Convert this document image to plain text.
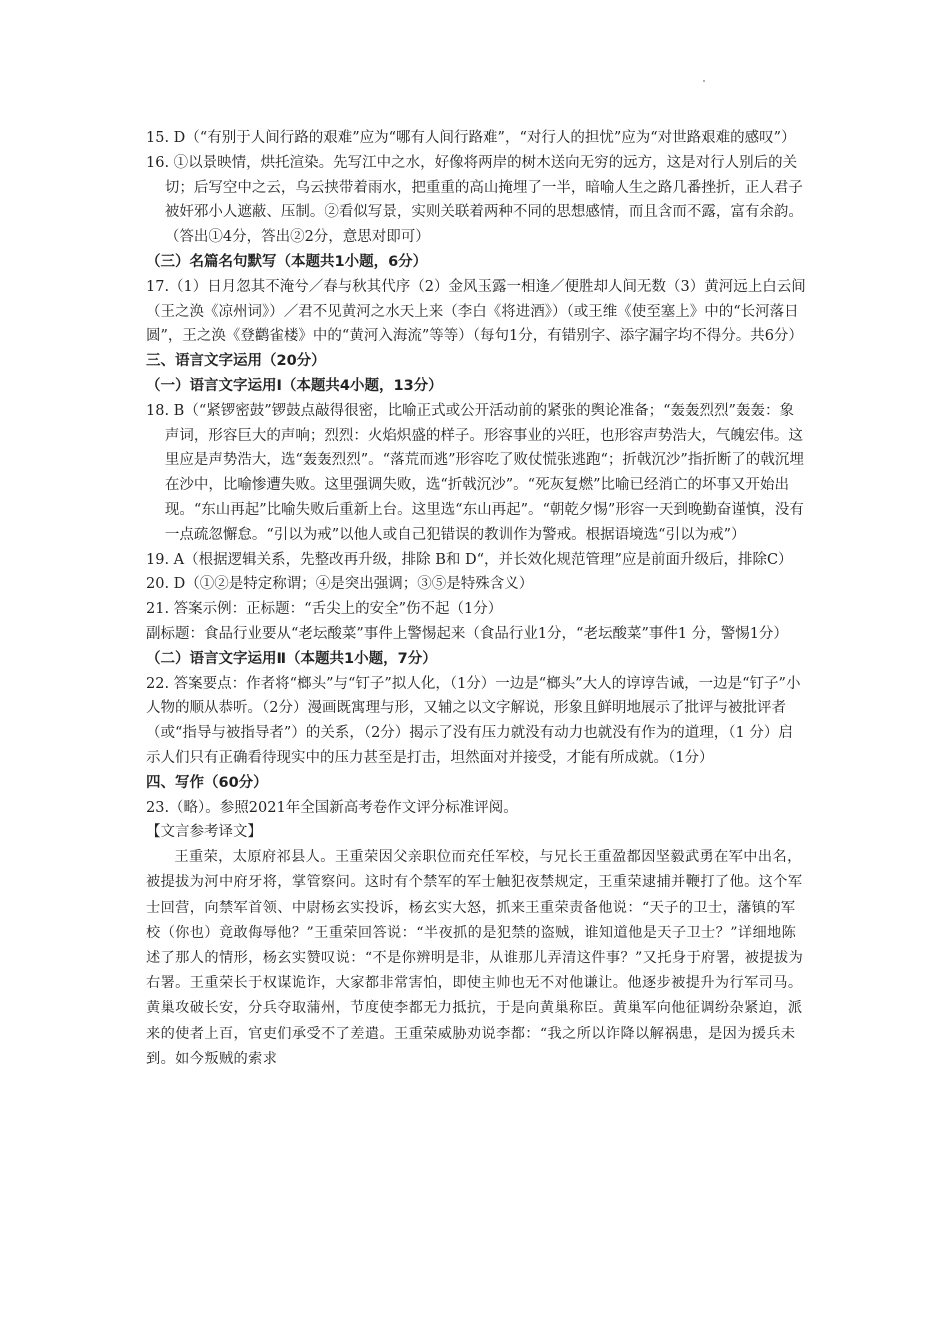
15. D（“有别于人间行路的艰难”应为“哪有人间行路难”，“对行人的担忧”应为“对世路艰难的感叹”）

16. ①以景映情，烘托渲染。先写江中之水，好像将两岸的树木送向无穷的远方，这是对行人别后的关切；后写空中之云，乌云挟带着雨水，把重重的高山掩埋了一半，暗喻人生之路几番挫折，正人君子被奸邪小人遮蔽、压制。②看似写景，实则关联着两种不同的思想感情，而且含而不露，富有余韵。（答出①4分，答出②2分，意思对即可）

（三）名篇名句默写（本题共1小题，6分）

17.（1）日月忽其不淹兮／春与秋其代序（2）金风玉露一相逢／便胜却人间无数（3）黄河远上白云间（王之涣《凉州词》）／君不见黄河之水天上来（李白《将进酒》）（或王维《使至塞上》中的“长河落日圆”，王之涣《登鹳雀楼》中的“黄河入海流”等等）（每句1分，有错别字、添字漏字均不得分。共6分）

三、语言文字运用（20分）

（一）语言文字运用Ⅰ（本题共4小题，13分）

18. B（“紧锣密鼓”锣鼓点敲得很密，比喻正式或公开活动前的紧张的舆论准备；“轰轰烈烈”轰轰：象声词，形容巨大的声响；烈烈：火焰炽盛的样子。形容事业的兴旺，也形容声势浩大，气魄宏伟。这里应是声势浩大，选“轰轰烈烈”。“落荒而逃”形容吃了败仗慌张逃跑“；折戟沉沙”指折断了的戟沉埋在沙中，比喻惨遭失败。这里强调失败，选“折戟沉沙”。“死灰复燃”比喻已经消亡的坏事又开始出现。“东山再起”比喻失败后重新上台。这里选“东山再起”。“朝乾夕惕”形容一天到晚勤奋谨慎，没有一点疏忽懈怠。“引以为戒”以他人或自己犯错误的教训作为警戒。根据语境选“引以为戒”）

19. A（根据逻辑关系，先整改再升级，排除 B和 D“，并长效化规范管理”应是前面升级后，排除C）

20. D（①②是特定称谓；④是突出强调；③⑤是特殊含义）

21. 答案示例：正标题：“舌尖上的安全”伤不起（1分）

副标题：食品行业要从“老坛酸菜”事件上警惕起来（食品行业1分，“老坛酸菜”事件1 分，警惕1分）

（二）语言文字运用Ⅱ（本题共1小题，7分）

22. 答案要点：作者将“榔头”与“钉子”拟人化，（1分）一边是“榔头”大人的谆谆告诫，一边是“钉子”小人物的顺从恭听。（2分）漫画既寓理与形，又辅之以文字解说，形象且鲜明地展示了批评与被批评者（或“指导与被指导者”）的关系，（2分）揭示了没有压力就没有动力也就没有作为的道理，（1 分）启示人们只有正确看待现实中的压力甚至是打击，坦然面对并接受，才能有所成就。（1分）

四、写作（60分）

23.（略）。参照2021年全国新高考卷作文评分标准评阅。

【文言参考译文】

王重荣，太原府祁县人。王重荣因父亲职位而充任军校，与兄长王重盈都因坚毅武勇在军中出名，被提拔为河中府牙将，掌管察问。这时有个禁军的军士触犯夜禁规定，王重荣逮捕并鞭打了他。这个军士回营，向禁军首领、中尉杨玄实投诉，杨玄实大怒，抓来王重荣责备他说：“天子的卫士，藩镇的军校（你也）竟敢侮辱他？”王重荣回答说：“半夜抓的是犯禁的盗贼，谁知道他是天子卫士？”详细地陈述了那人的情形，杨玄实赞叹说：“不是你辨明是非，从谁那儿弄清这件事？”又托身于府署，被提拔为右署。王重荣长于权谋诡诈，大家都非常害怕，即使主帅也无不对他谦让。他逐步被提升为行军司马。黄巢攻破长安，分兵夺取蒲州，节度使李都无力抵抗，于是向黄巢称臣。黄巢军向他征调纷杂紧迫，派来的使者上百，官吏们承受不了差遣。王重荣威胁劝说李都：“我之所以诈降以解祸患，是因为援兵未到。如今叛贼的索求
